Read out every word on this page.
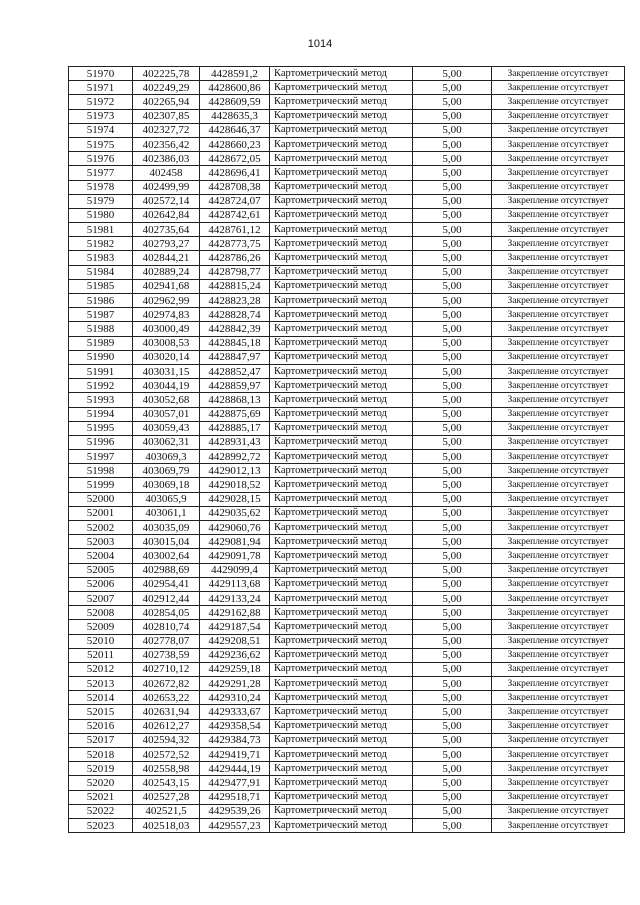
1014
51970	402225,78	4428591,2	Картометрический метод	5,00	Закрепление отсутствует
51971	402249,29	4428600,86	Картометрический метод	5,00	Закрепление отсутствует
51972	402265,94	4428609,59	Картометрический метод	5,00	Закрепление отсутствует
51973	402307,85	4428635,3	Картометрический метод	5,00	Закрепление отсутствует
51974	402327,72	4428646,37	Картометрический метод	5,00	Закрепление отсутствует
51975	402356,42	4428660,23	Картометрический метод	5,00	Закрепление отсутствует
51976	402386,03	4428672,05	Картометрический метод	5,00	Закрепление отсутствует
51977	402458	4428696,41	Картометрический метод	5,00	Закрепление отсутствует
51978	402499,99	4428708,38	Картометрический метод	5,00	Закрепление отсутствует
51979	402572,14	4428724,07	Картометрический метод	5,00	Закрепление отсутствует
51980	402642,84	4428742,61	Картометрический метод	5,00	Закрепление отсутствует
51981	402735,64	4428761,12	Картометрический метод	5,00	Закрепление отсутствует
51982	402793,27	4428773,75	Картометрический метод	5,00	Закрепление отсутствует
51983	402844,21	4428786,26	Картометрический метод	5,00	Закрепление отсутствует
51984	402889,24	4428798,77	Картометрический метод	5,00	Закрепление отсутствует
51985	402941,68	4428815,24	Картометрический метод	5,00	Закрепление отсутствует
51986	402962,99	4428823,28	Картометрический метод	5,00	Закрепление отсутствует
51987	402974,83	4428828,74	Картометрический метод	5,00	Закрепление отсутствует
51988	403000,49	4428842,39	Картометрический метод	5,00	Закрепление отсутствует
51989	403008,53	4428845,18	Картометрический метод	5,00	Закрепление отсутствует
51990	403020,14	4428847,97	Картометрический метод	5,00	Закрепление отсутствует
51991	403031,15	4428852,47	Картометрический метод	5,00	Закрепление отсутствует
51992	403044,19	4428859,97	Картометрический метод	5,00	Закрепление отсутствует
51993	403052,68	4428868,13	Картометрический метод	5,00	Закрепление отсутствует
51994	403057,01	4428875,69	Картометрический метод	5,00	Закрепление отсутствует
51995	403059,43	4428885,17	Картометрический метод	5,00	Закрепление отсутствует
51996	403062,31	4428931,43	Картометрический метод	5,00	Закрепление отсутствует
51997	403069,3	4428992,72	Картометрический метод	5,00	Закрепление отсутствует
51998	403069,79	4429012,13	Картометрический метод	5,00	Закрепление отсутствует
51999	403069,18	4429018,52	Картометрический метод	5,00	Закрепление отсутствует
52000	403065,9	4429028,15	Картометрический метод	5,00	Закрепление отсутствует
52001	403061,1	4429035,62	Картометрический метод	5,00	Закрепление отсутствует
52002	403035,09	4429060,76	Картометрический метод	5,00	Закрепление отсутствует
52003	403015,04	4429081,94	Картометрический метод	5,00	Закрепление отсутствует
52004	403002,64	4429091,78	Картометрический метод	5,00	Закрепление отсутствует
52005	402988,69	4429099,4	Картометрический метод	5,00	Закрепление отсутствует
52006	402954,41	4429113,68	Картометрический метод	5,00	Закрепление отсутствует
52007	402912,44	4429133,24	Картометрический метод	5,00	Закрепление отсутствует
52008	402854,05	4429162,88	Картометрический метод	5,00	Закрепление отсутствует
52009	402810,74	4429187,54	Картометрический метод	5,00	Закрепление отсутствует
52010	402778,07	4429208,51	Картометрический метод	5,00	Закрепление отсутствует
52011	402738,59	4429236,62	Картометрический метод	5,00	Закрепление отсутствует
52012	402710,12	4429259,18	Картометрический метод	5,00	Закрепление отсутствует
52013	402672,82	4429291,28	Картометрический метод	5,00	Закрепление отсутствует
52014	402653,22	4429310,24	Картометрический метод	5,00	Закрепление отсутствует
52015	402631,94	4429333,67	Картометрический метод	5,00	Закрепление отсутствует
52016	402612,27	4429358,54	Картометрический метод	5,00	Закрепление отсутствует
52017	402594,32	4429384,73	Картометрический метод	5,00	Закрепление отсутствует
52018	402572,52	4429419,71	Картометрический метод	5,00	Закрепление отсутствует
52019	402558,98	4429444,19	Картометрический метод	5,00	Закрепление отсутствует
52020	402543,15	4429477,91	Картометрический метод	5,00	Закрепление отсутствует
52021	402527,28	4429518,71	Картометрический метод	5,00	Закрепление отсутствует
52022	402521,5	4429539,26	Картометрический метод	5,00	Закрепление отсутствует
52023	402518,03	4429557,23	Картометрический метод	5,00	Закрепление отсутствует
